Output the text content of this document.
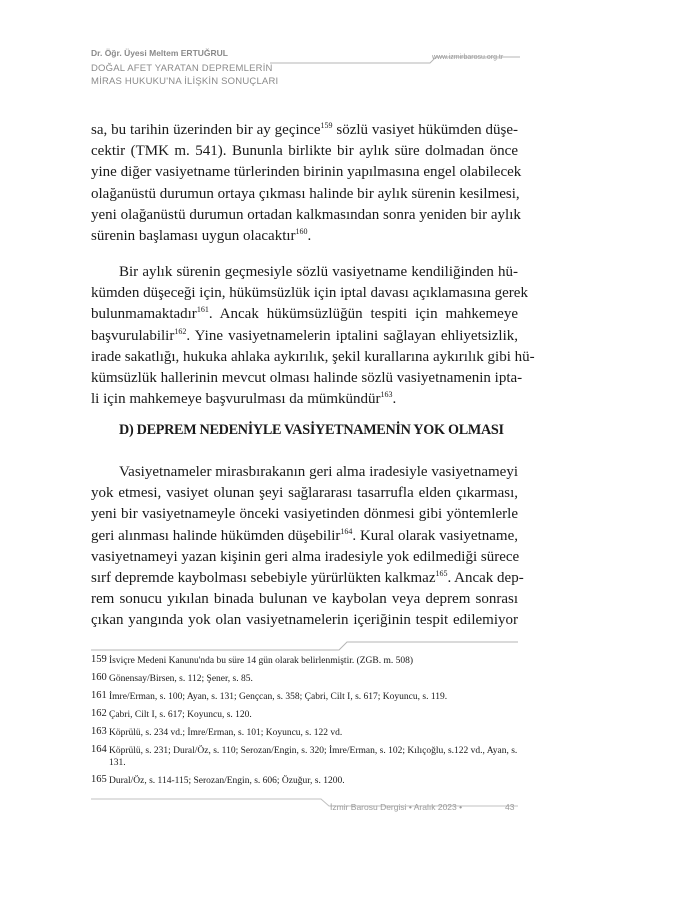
Dr. Öğr. Üyesi Meltem ERTUĞRUL
DOĞAL AFET YARATAN DEPREMLERİN
MİRAS HUKUKU'NA İLİŞKİN SONUÇLARI
www.izmirbarosu.org.tr
sa, bu tarihin üzerinden bir ay geçince$^{159}$ sözlü vasiyet hükümden düşe-
cektir (TMK m. 541). Bununla birlikte bir aylık süre dolmadan önce
yine diğer vasiyetname türlerinden birinin yapılmasına engel olabilecek
olağanüstü durumun ortaya çıkması halinde bir aylık sürenin kesilmesi,
yeni olağanüstü durumun ortadan kalkmasından sonra yeniden bir aylık
sürenin başlaması uygun olacaktır$^{160}$.
Bir aylık sürenin geçmesiyle sözlü vasiyetname kendiliğinden hü-
kümden düşeceği için, hükümsüzlük için iptal davası açıklamasına gerek
bulunmamaktadır$^{161}$. Ancak hükümsüzlüğün tespiti için mahkemeye
başvurulabilir$^{162}$. Yine vasiyetnamelerin iptalini sağlayan ehliyetsizlik,
irade sakatlığı, hukuka ahlaka aykırılık, şekil kurallarına aykırılık gibi hü-
kümsüzlük hallerinin mevcut olması halinde sözlü vasiyetnamenin ipta-
li için mahkemeye başvurulması da mümkündür$^{163}$.
D) DEPREM NEDENİYLE VASİYETNAMENİN YOK OLMASI
Vasiyetnameler mirasbırakanın geri alma iradesiyle vasiyetnameyi
yok etmesi, vasiyet olunan şeyi sağlararası tasarrufla elden çıkarması,
yeni bir vasiyetnameyle önceki vasiyetinden dönmesi gibi yöntemlerle
geri alınması halinde hükümden düşebilir$^{164}$. Kural olarak vasiyetname,
vasiyetnameyi yazan kişinin geri alma iradesiyle yok edilmediği sürece
sırf depremde kaybolması sebebiyle yürürlükten kalkmaz$^{165}$. Ancak dep-
rem sonucu yıkılan binada bulunan ve kaybolan veya deprem sonrası
çıkan yangında yok olan vasiyetnamelerin içeriğinin tespit edilemiyor
159 İsviçre Medeni Kanunu'nda bu süre 14 gün olarak belirlenmiştir. (ZGB. m. 508)
160 Gönensay/Birsen, s. 112; Şener, s. 85.
161 İmre/Erman, s. 100; Ayan, s. 131; Gençcan, s. 358; Çabri, Cilt I, s. 617; Koyuncu, s. 119.
162 Çabri, Cilt I, s. 617; Koyuncu, s. 120.
163 Köprülü, s. 234 vd.; İmre/Erman, s. 101; Koyuncu, s. 122 vd.
164 Köprülü, s. 231; Dural/Öz, s. 110; Serozan/Engin, s. 320; İmre/Erman, s. 102; Kılıçoğlu, s.122 vd., Ayan, s. 131.
165 Dural/Öz, s. 114-115; Serozan/Engin, s. 606; Özuğur, s. 1200.
İzmir Barosu Dergisi • Aralık 2023 •	43
